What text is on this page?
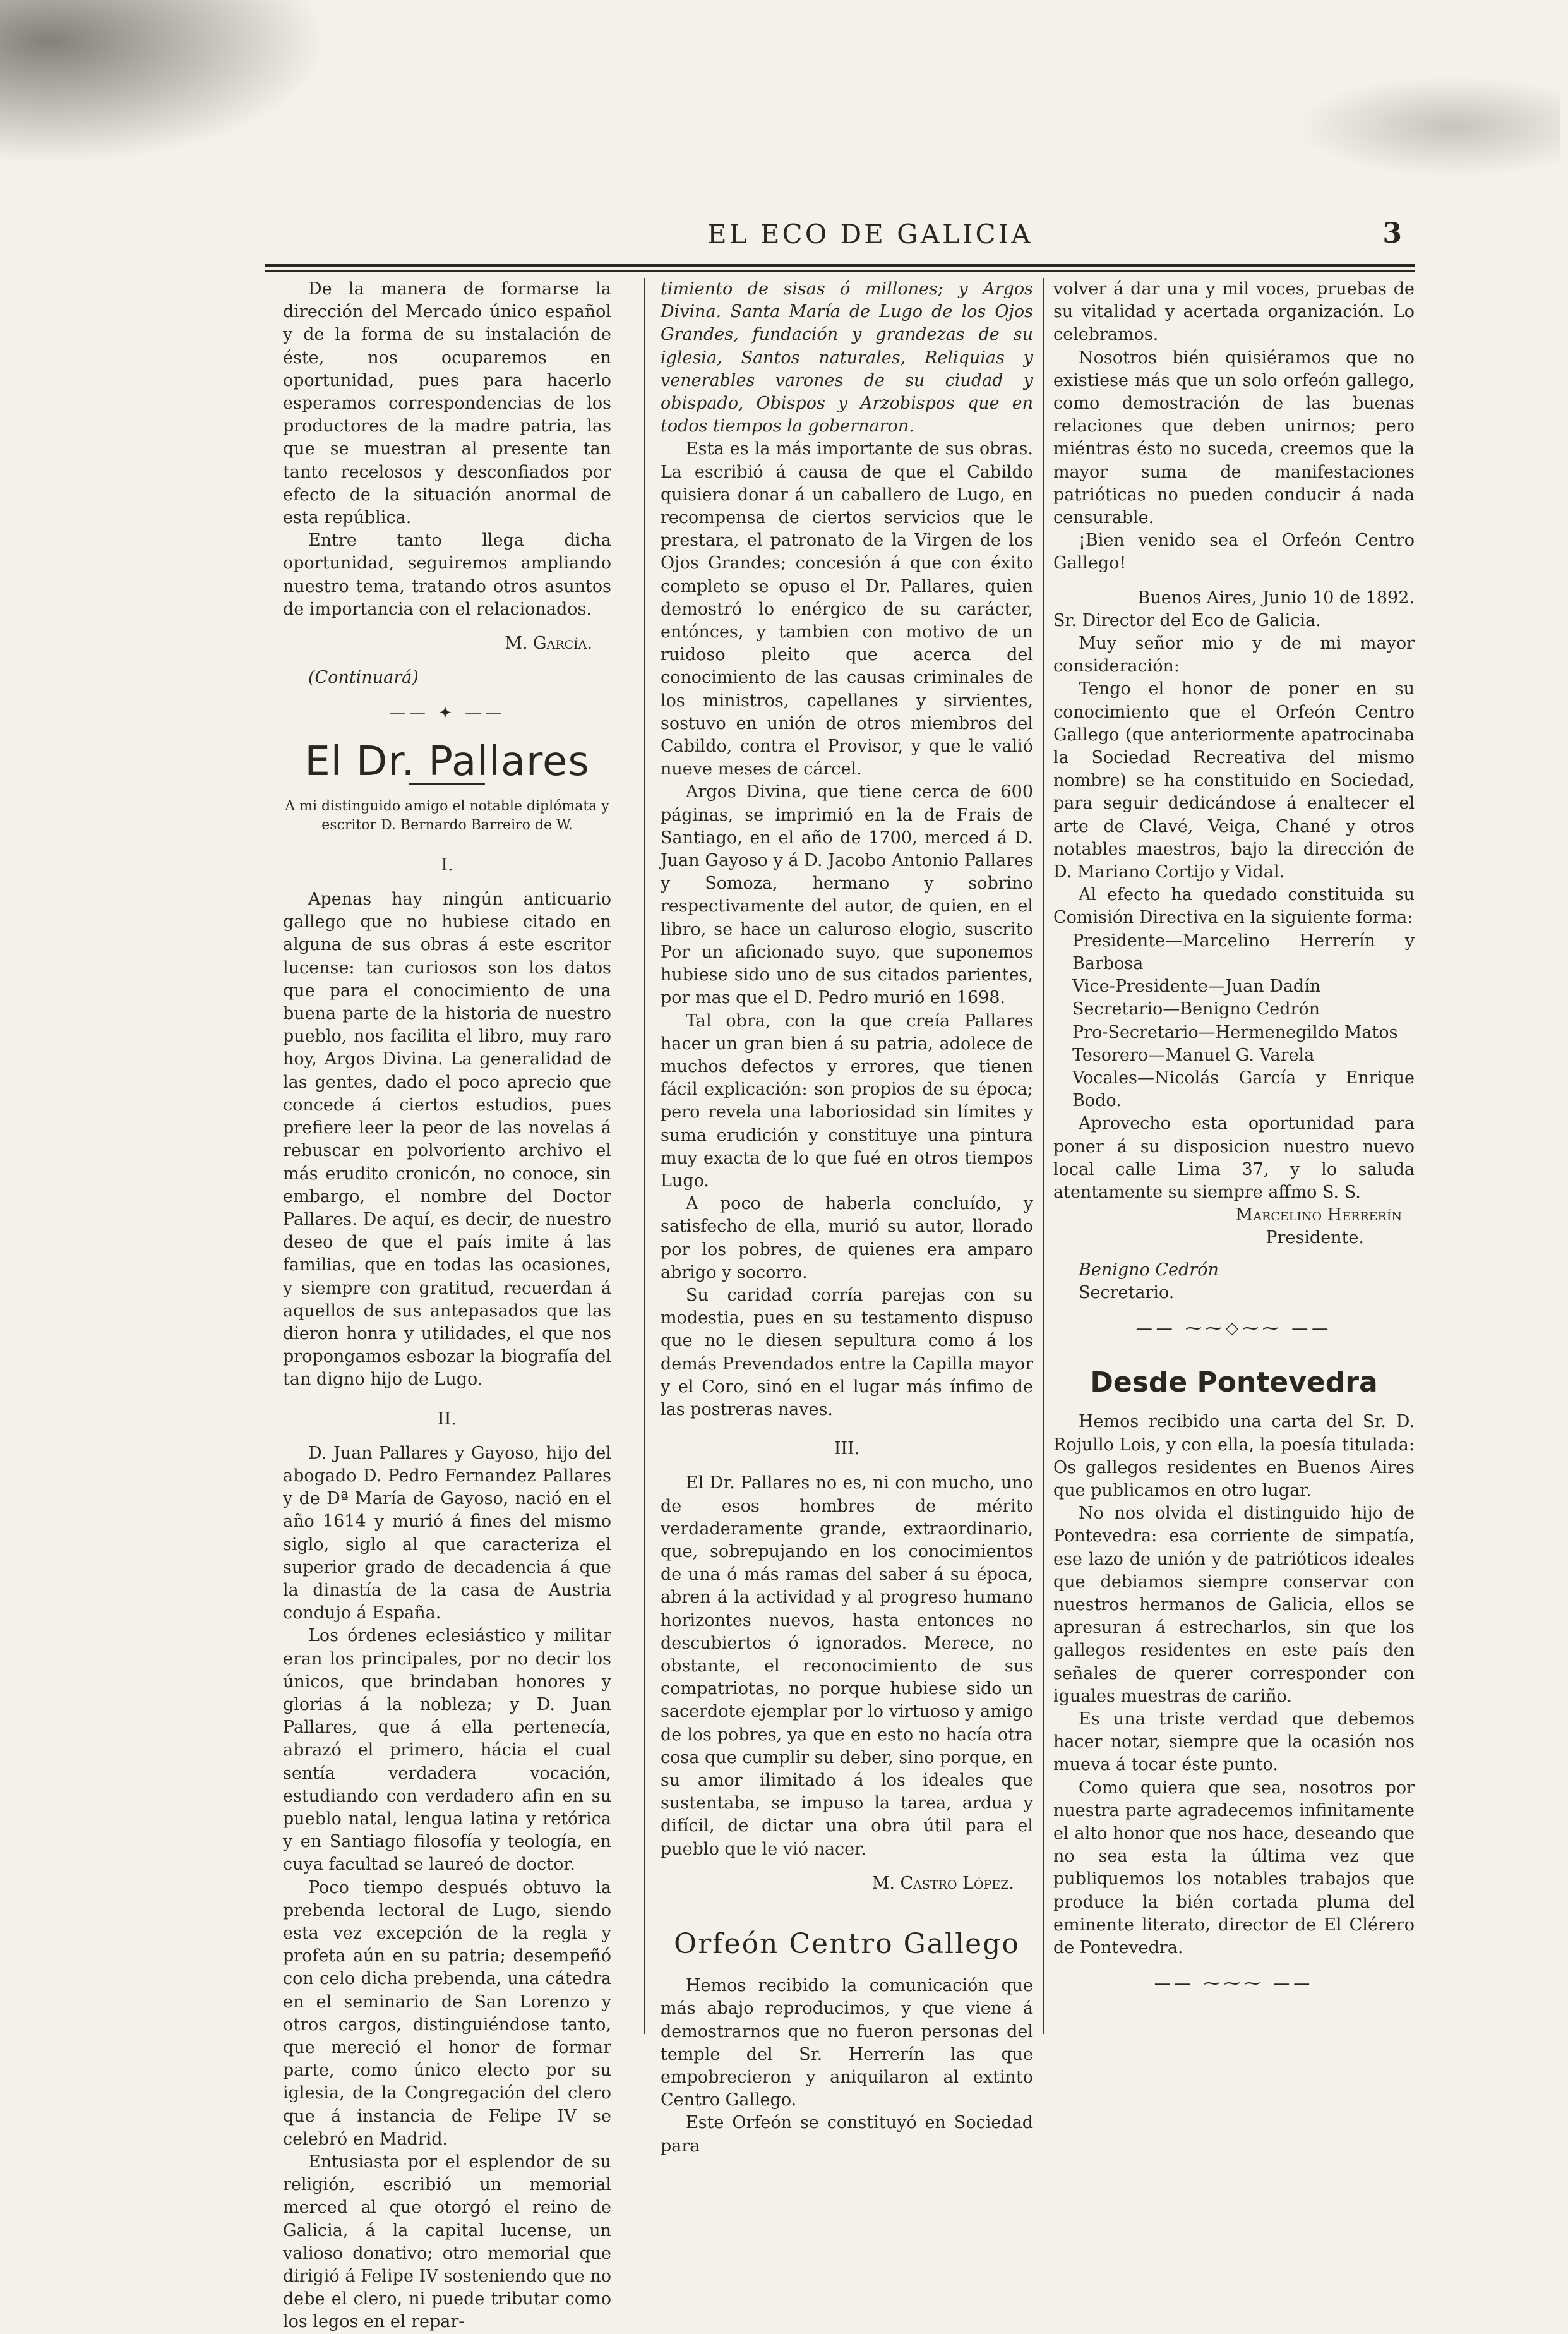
EL ECO DE GALICIA	3

De la manera de formarse la dirección del Mercado único español y de la forma de su instalación de éste, nos ocuparemos en oportunidad, pues para hacerlo esperamos correspondencias de los productores de la madre patria, las que se muestran al presente tan tanto recelosos y desconfiados por efecto de la situación anormal de esta república.

Entre tanto llega dicha oportunidad, seguiremos ampliando nuestro tema, tratando otros asuntos de importancia con el relacionados.

M. García.

(Continuará)

—— ✦ ——
El Dr. Pallares
A mi distinguido amigo el notable diplómata y escritor D. Bernardo Barreiro de W.
I.

Apenas hay ningún anticuario gallego que no hubiese citado en alguna de sus obras á este escritor lucense: tan curiosos son los datos que para el conocimiento de una buena parte de la historia de nuestro pueblo, nos facilita el libro, muy raro hoy, Argos Divina. La generalidad de las gentes, dado el poco aprecio que concede á ciertos estudios, pues prefiere leer la peor de las novelas á rebuscar en polvoriento archivo el más erudito cronicón, no conoce, sin embargo, el nombre del Doctor Pallares. De aquí, es decir, de nuestro deseo de que el país imite á las familias, que en todas las ocasiones, y siempre con gratitud, recuerdan á aquellos de sus antepasados que las dieron honra y utilidades, el que nos propongamos esbozar la biografía del tan digno hijo de Lugo.

II.

D. Juan Pallares y Gayoso, hijo del abogado D. Pedro Fernandez Pallares y de Dª María de Gayoso, nació en el año 1614 y murió á fines del mismo siglo, siglo al que caracteriza el superior grado de decadencia á que la dinastía de la casa de Austria condujo á España.

Los órdenes eclesiástico y militar eran los principales, por no decir los únicos, que brindaban honores y glorias á la nobleza; y D. Juan Pallares, que á ella pertenecía, abrazó el primero, hácia el cual sentía verdadera vocación, estudiando con verdadero afin en su pueblo natal, lengua latina y retórica y en Santiago filosofía y teología, en cuya facultad se laureó de doctor.

Poco tiempo después obtuvo la prebenda lectoral de Lugo, siendo esta vez excepción de la regla y profeta aún en su patria; desempeñó con celo dicha prebenda, una cátedra en el seminario de San Lorenzo y otros cargos, distinguiéndose tanto, que mereció el honor de formar parte, como único electo por su iglesia, de la Congregación del clero que á instancia de Felipe IV se celebró en Madrid.

Entusiasta por el esplendor de su religión, escribió un memorial merced al que otorgó el reino de Galicia, á la capital lucense, un valioso donativo; otro memorial que dirigió á Felipe IV sosteniendo que no debe el clero, ni puede tributar como los legos en el repar-

timiento de sisas ó millones; y Argos Divina. Santa María de Lugo de los Ojos Grandes, fundación y grandezas de su iglesia, Santos naturales, Reliquias y venerables varones de su ciudad y obispado, Obispos y Arzobispos que en todos tiempos la gobernaron.

Esta es la más importante de sus obras. La escribió á causa de que el Cabildo quisiera donar á un caballero de Lugo, en recompensa de ciertos servicios que le prestara, el patronato de la Virgen de los Ojos Grandes; concesión á que con éxito completo se opuso el Dr. Pallares, quien demostró lo enérgico de su carácter, entónces, y tambien con motivo de un ruidoso pleito que acerca del conocimiento de las causas criminales de los ministros, capellanes y sirvientes, sostuvo en unión de otros miembros del Cabildo, contra el Provisor, y que le valió nueve meses de cárcel.

Argos Divina, que tiene cerca de 600 páginas, se imprimió en la de Frais de Santiago, en el año de 1700, merced á D. Juan Gayoso y á D. Jacobo Antonio Pallares y Somoza, hermano y sobrino respectivamente del autor, de quien, en el libro, se hace un caluroso elogio, suscrito Por un aficionado suyo, que suponemos hubiese sido uno de sus citados parientes, por mas que el D. Pedro murió en 1698.

Tal obra, con la que creía Pallares hacer un gran bien á su patria, adolece de muchos defectos y errores, que tienen fácil explicación: son propios de su época; pero revela una laboriosidad sin límites y suma erudición y constituye una pintura muy exacta de lo que fué en otros tiempos Lugo.

A poco de haberla concluído, y satisfecho de ella, murió su autor, llorado por los pobres, de quienes era amparo abrigo y socorro.

Su caridad corría parejas con su modestia, pues en su testamento dispuso que no le diesen sepultura como á los demás Prevendados entre la Capilla mayor y el Coro, sinó en el lugar más ínfimo de las postreras naves.

III.

El Dr. Pallares no es, ni con mucho, uno de esos hombres de mérito verdaderamente grande, extraordinario, que, sobrepujando en los conocimientos de una ó más ramas del saber á su época, abren á la actividad y al progreso humano horizontes nuevos, hasta entonces no descubiertos ó ignorados. Merece, no obstante, el reconocimiento de sus compatriotas, no porque hubiese sido un sacerdote ejemplar por lo virtuoso y amigo de los pobres, ya que en esto no hacía otra cosa que cumplir su deber, sino porque, en su amor ilimitado á los ideales que sustentaba, se impuso la tarea, ardua y difícil, de dictar una obra útil para el pueblo que le vió nacer.

M. Castro López.

Orfeón Centro Gallego

Hemos recibido la comunicación que más abajo reproducimos, y que viene á demostrarnos que no fueron personas del temple del Sr. Herrerín las que empobrecieron y aniquilaron al extinto Centro Gallego.

Este Orfeón se constituyó en Sociedad para

volver á dar una y mil voces, pruebas de su vitalidad y acertada organización. Lo celebramos.

Nosotros bién quisiéramos que no existiese más que un solo orfeón gallego, como demostración de las buenas relaciones que deben unirnos; pero miéntras ésto no suceda, creemos que la mayor suma de manifestaciones patrióticas no pueden conducir á nada censurable.

¡Bien venido sea el Orfeón Centro Gallego!

Buenos Aires, Junio 10 de 1892.

Sr. Director del Eco de Galicia.

Muy señor mio y de mi mayor consideración:

Tengo el honor de poner en su conocimiento que el Orfeón Centro Gallego (que anteriormente apatrocinaba la Sociedad Recreativa del mismo nombre) se ha constituido en Sociedad, para seguir dedicándose á enaltecer el arte de Clavé, Veiga, Chané y otros notables maestros, bajo la dirección de D. Mariano Cortijo y Vidal.

Al efecto ha quedado constituida su Comisión Directiva en la siguiente forma:

Presidente—Marcelino Herrerín y Barbosa

Vice-Presidente—Juan Dadín

Secretario—Benigno Cedrón

Pro-Secretario—Hermenegildo Matos

Tesorero—Manuel G. Varela

Vocales—Nicolás García y Enrique Bodo.

Aprovecho esta oportunidad para poner á su disposicion nuestro nuevo local calle Lima 37, y lo saluda atentamente su siempre affmo S. S.

Marcelino Herrerín

Presidente.

Benigno Cedrón

Secretario.

—— ⁓⁓◇⁓⁓ ——
Desde Pontevedra

Hemos recibido una carta del Sr. D. Rojullo Lois, y con ella, la poesía titulada: Os gallegos residentes en Buenos Aires que publicamos en otro lugar.

No nos olvida el distinguido hijo de Pontevedra: esa corriente de simpatía, ese lazo de unión y de patrióticos ideales que debiamos siempre conservar con nuestros hermanos de Galicia, ellos se apresuran á estrecharlos, sin que los gallegos residentes en este país den señales de querer corresponder con iguales muestras de cariño.

Es una triste verdad que debemos hacer notar, siempre que la ocasión nos mueva á tocar éste punto.

Como quiera que sea, nosotros por nuestra parte agradecemos infinitamente el alto honor que nos hace, deseando que no sea esta la última vez que publiquemos los notables trabajos que produce la bién cortada pluma del eminente literato, director de El Clérero de Pontevedra.

—— ⁓⁓⁓ ——
